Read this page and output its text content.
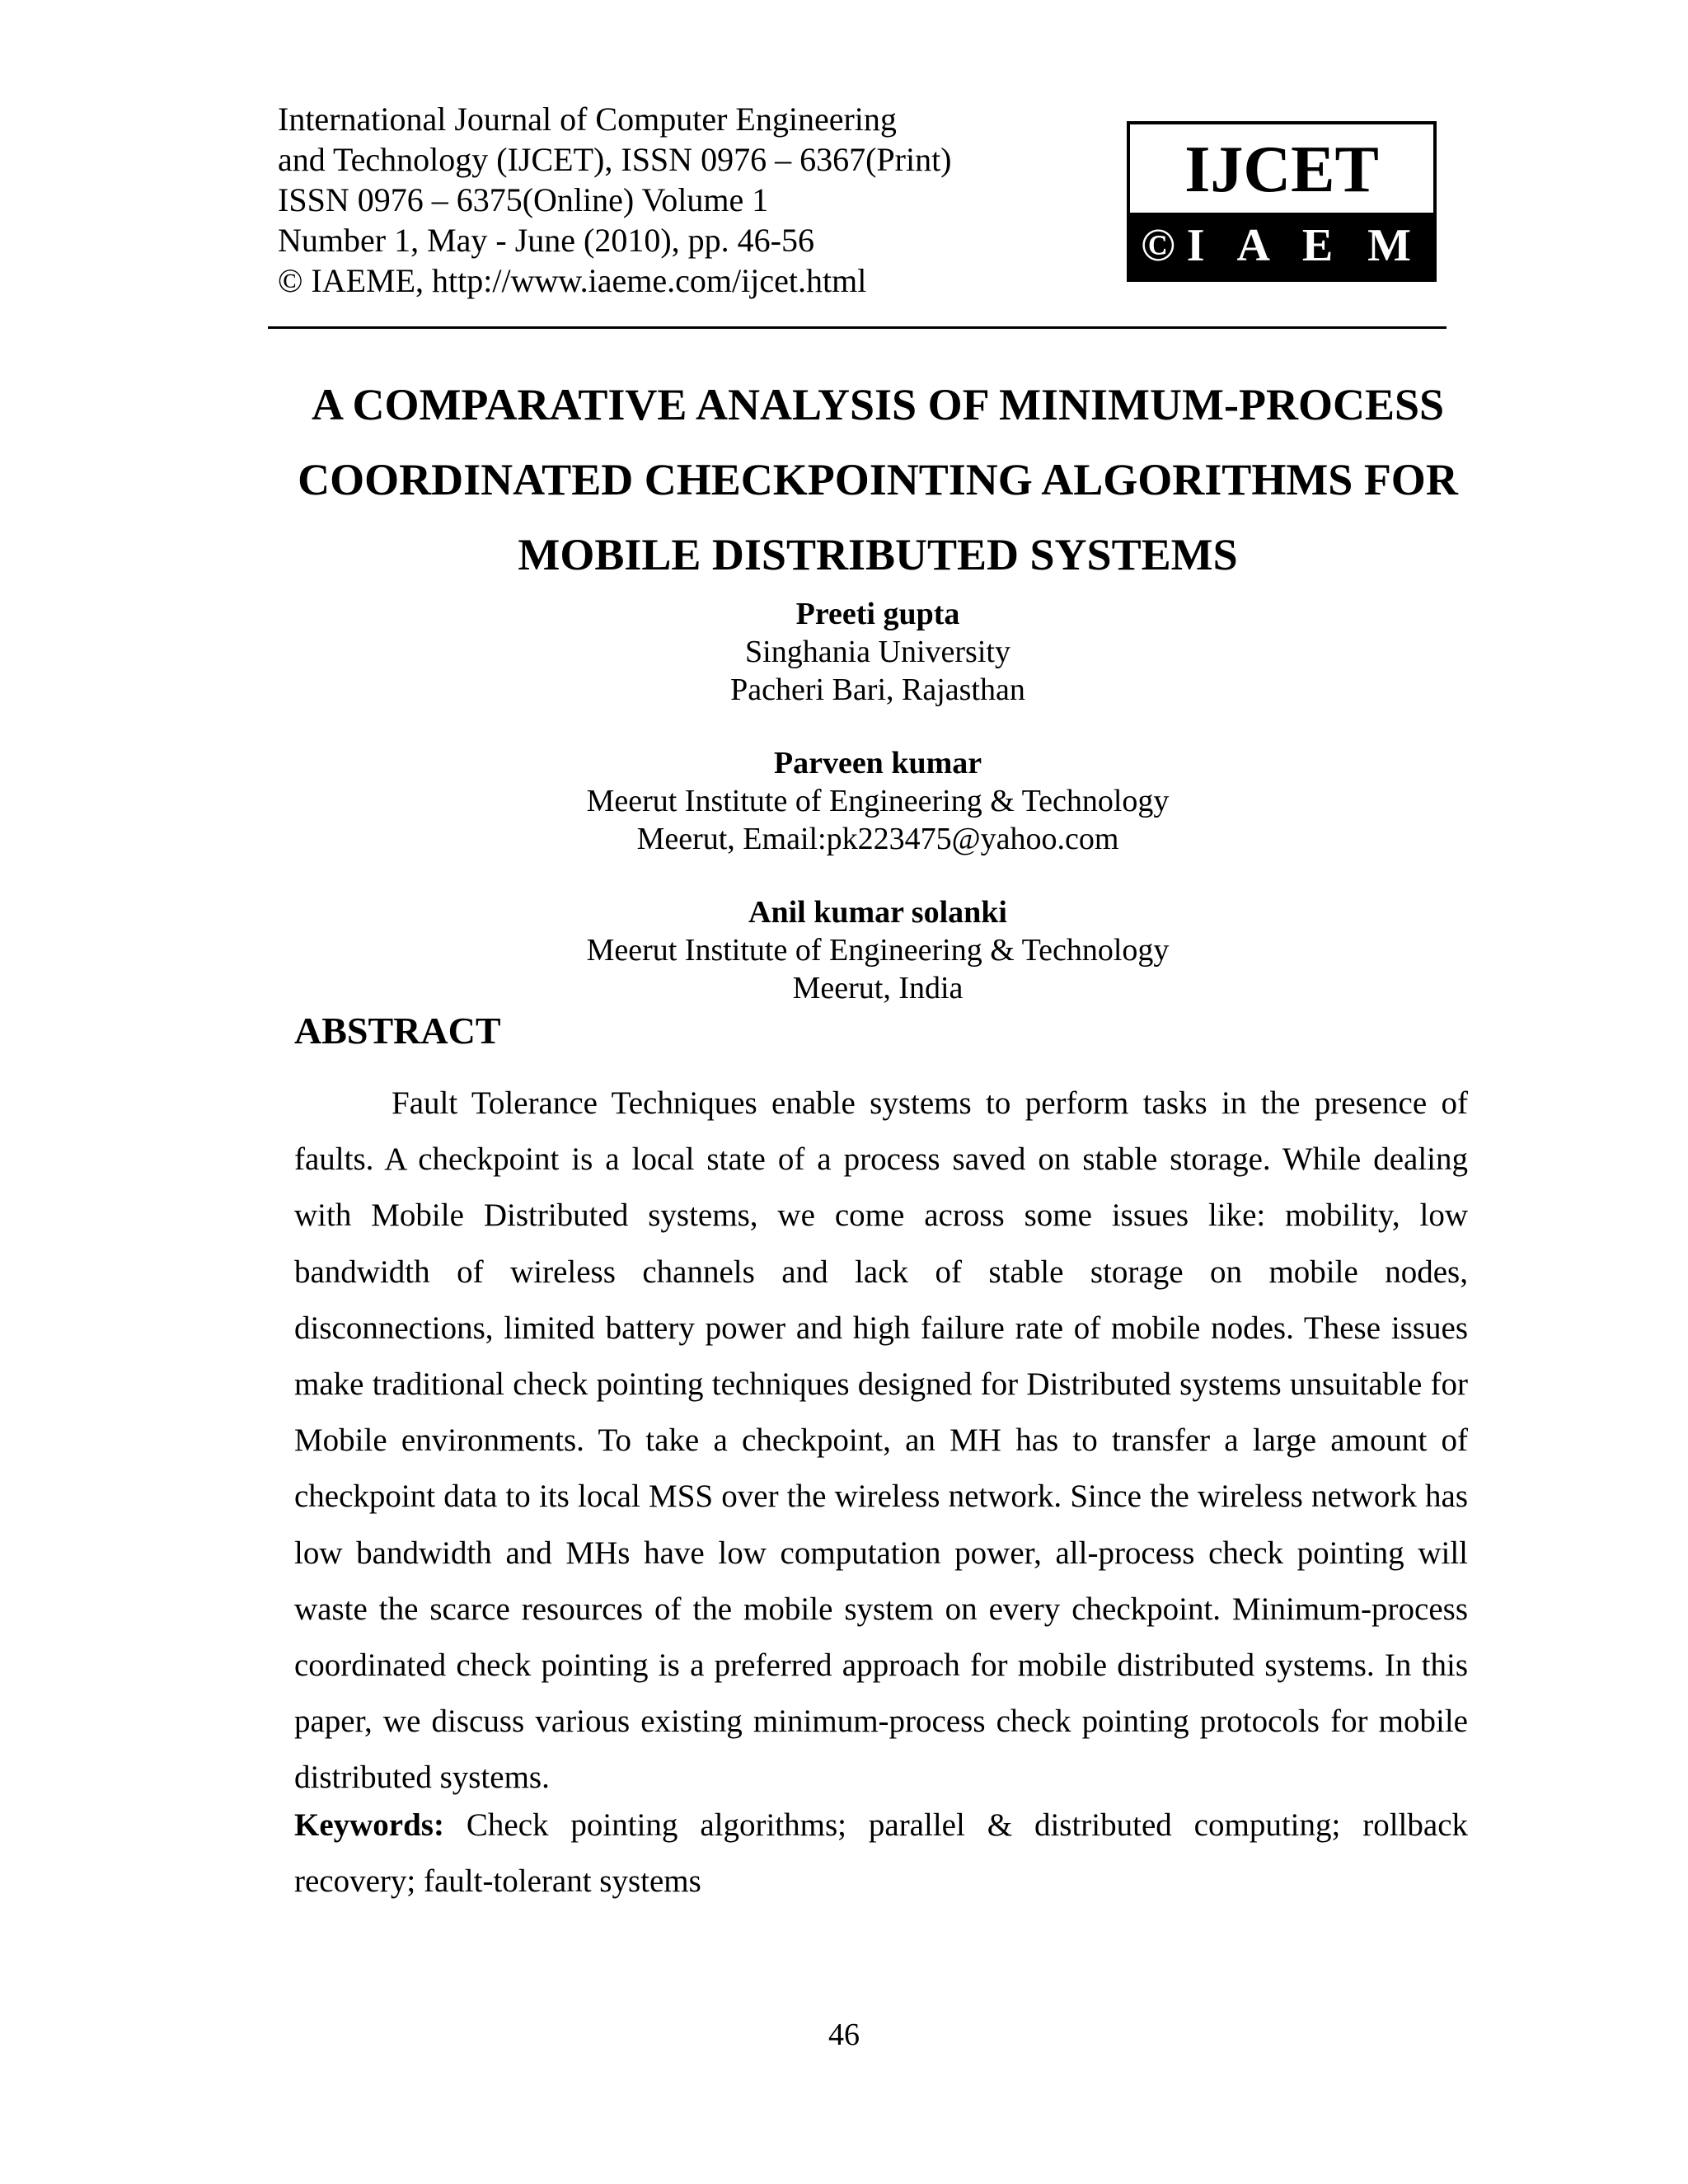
International Journal of Computer Engineering
and Technology (IJCET), ISSN 0976 – 6367(Print)
ISSN 0976 – 6375(Online) Volume 1
Number 1, May - June (2010), pp. 46-56
© IAEME, http://www.iaeme.com/ijcet.html
IJCET
©I A E M E
A COMPARATIVE ANALYSIS OF MINIMUM-PROCESS
COORDINATED CHECKPOINTING ALGORITHMS FOR
MOBILE DISTRIBUTED SYSTEMS
Preeti gupta
Singhania University
Pacheri Bari, Rajasthan
Parveen kumar
Meerut Institute of Engineering & Technology
Meerut, Email:pk223475@yahoo.com
Anil kumar solanki
Meerut Institute of Engineering & Technology
Meerut, India
ABSTRACT

Fault Tolerance Techniques enable systems to perform tasks in the presence of faults. A checkpoint is a local state of a process saved on stable storage. While dealing with Mobile Distributed systems, we come across some issues like: mobility, low bandwidth of wireless channels and lack of stable storage on mobile nodes, disconnections, limited battery power and high failure rate of mobile nodes. These issues make traditional check pointing techniques designed for Distributed systems unsuitable for Mobile environments. To take a checkpoint, an MH has to transfer a large amount of checkpoint data to its local MSS over the wireless network. Since the wireless network has low bandwidth and MHs have low computation power, all-process check pointing will waste the scarce resources of the mobile system on every checkpoint. Minimum-process coordinated check pointing is a preferred approach for mobile distributed systems. In this paper, we discuss various existing minimum-process check pointing protocols for mobile distributed systems.

Keywords: Check pointing algorithms; parallel & distributed computing; rollback recovery; fault-tolerant systems

46
